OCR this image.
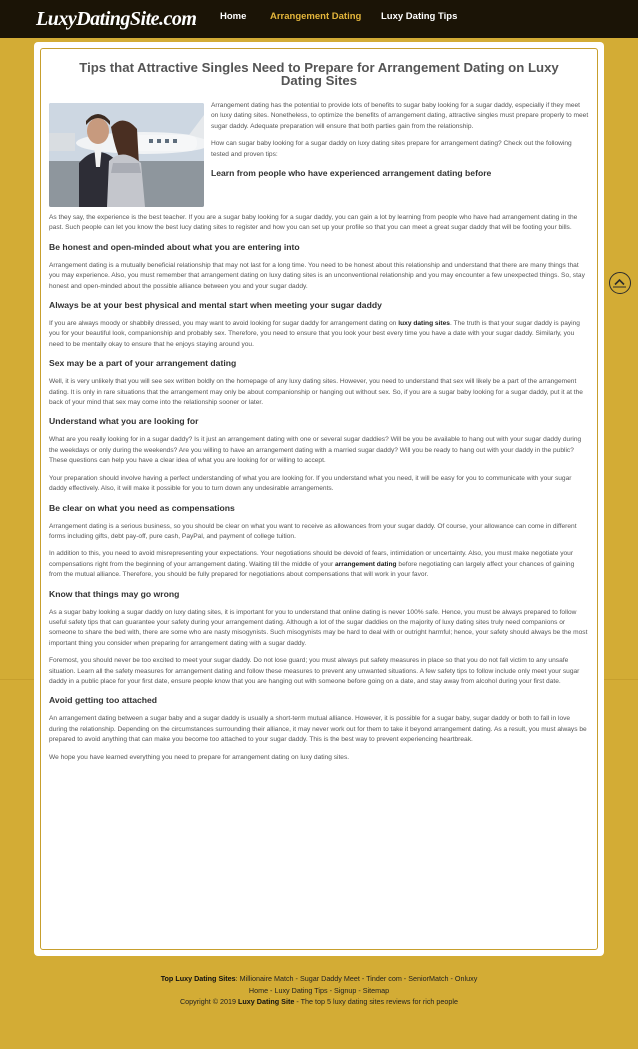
LuxyDatingSite.com Home Arrangement Dating Luxy Dating Tips
Tips that Attractive Singles Need to Prepare for Arrangement Dating on Luxy Dating Sites

Arrangement dating has the potential to provide lots of benefits to sugar baby looking for a sugar daddy, especially if they meet on luxy dating sites. Nonetheless, to optimize the benefits of arrangement dating, attractive singles must prepare properly to meet sugar daddy. Adequate preparation will ensure that both parties gain from the relationship.

How can sugar baby looking for a sugar daddy on luxy dating sites prepare for arrangement dating? Check out the following tested and proven tips:

Learn from people who have experienced arrangement dating before

As they say, the experience is the best teacher. If you are a sugar baby looking for a sugar daddy, you can gain a lot by learning from people who have had arrangement dating in the past. Such people can let you know the best lucy dating sites to register and how you can set up your profile so that you can meet a great sugar daddy that will be footing your bills.

Be honest and open-minded about what you are entering into

Arrangement dating is a mutually beneficial relationship that may not last for a long time. You need to be honest about this relationship and understand that there are many things that you may experience. Also, you must remember that arrangement dating on luxy dating sites is an unconventional relationship and you may encounter a few unexpected things. So, stay honest and open-minded about the possible alliance between you and your sugar daddy.

Always be at your best physical and mental start when meeting your sugar daddy

If you are always moody or shabbily dressed, you may want to avoid looking for sugar daddy for arrangement dating on luxy dating sites. The truth is that your sugar daddy is paying you for your beautiful look, companionship and probably sex. Therefore, you need to ensure that you look your best every time you have a date with your sugar daddy. Similarly, you need to be mentally okay to ensure that he enjoys staying around you.

Sex may be a part of your arrangement dating

Well, it is very unlikely that you will see sex written boldly on the homepage of any luxy dating sites. However, you need to understand that sex will likely be a part of the arrangement dating. It is only in rare situations that the arrangement may only be about companionship or hanging out without sex. So, if you are a sugar baby looking for a sugar daddy, put it at the back of your mind that sex may come into the relationship sooner or later.

Understand what you are looking for

What are you really looking for in a sugar daddy? Is it just an arrangement dating with one or several sugar daddies? Will be you be available to hang out with your sugar daddy during the weekdays or only during the weekends? Are you willing to have an arrangement dating with a married sugar daddy? Will you be ready to hang out with your daddy in the public? These questions can help you have a clear idea of what you are looking for or willing to accept.

Your preparation should involve having a perfect understanding of what you are looking for. If you understand what you need, it will be easy for you to communicate with your sugar daddy effectively. Also, it will make it possible for you to turn down any undesirable arrangements.

Be clear on what you need as compensations

Arrangement dating is a serious business, so you should be clear on what you want to receive as allowances from your sugar daddy. Of course, your allowance can come in different forms including gifts, debt pay-off, pure cash, PayPal, and payment of college tuition.

In addition to this, you need to avoid misrepresenting your expectations. Your negotiations should be devoid of fears, intimidation or uncertainty. Also, you must make negotiate your compensations right from the beginning of your arrangement dating. Waiting till the middle of your arrangement dating before negotiating can largely affect your chances of gaining from the mutual alliance. Therefore, you should be fully prepared for negotiations about compensations that will work in your favor.

Know that things may go wrong

As a sugar baby looking a sugar daddy on luxy dating sites, it is important for you to understand that online dating is never 100% safe. Hence, you must be always prepared to follow useful safety tips that can guarantee your safety during your arrangement dating. Although a lot of the sugar daddies on the majority of luxy dating sites truly need companions or someone to share the bed with, there are some who are nasty misogynists. Such misogynists may be hard to deal with or outright harmful; hence, your safety should always be the most important thing you consider when preparing for arrangement dating with a sugar daddy.

Foremost, you should never be too excited to meet your sugar daddy. Do not lose guard; you must always put safety measures in place so that you do not fall victim to any unsafe situation. Learn all the safety measures for arrangement dating and follow these measures to prevent any unwanted situations. A few safety tips to follow include only meet your sugar daddy in a public place for your first date, ensure people know that you are hanging out with someone before going on a date, and stay away from alcohol during your first date.

Avoid getting too attached

An arrangement dating between a sugar baby and a sugar daddy is usually a short-term mutual alliance. However, it is possible for a sugar baby, sugar daddy or both to fall in love during the relationship. Depending on the circumstances surrounding their alliance, it may never work out for them to take it beyond arrangement dating. As a result, you must always be prepared to avoid anything that can make you become too attached to your sugar daddy. This is the best way to prevent experiencing heartbreak.

We hope you have learned everything you need to prepare for arrangement dating on luxy dating sites.

Top Luxy Dating Sites: Millionaire Match - Sugar Daddy Meet - Tinder com - SeniorMatch - Onluxy
Home - Luxy Dating Tips - Signup - Sitemap
Copyright © 2019 Luxy Dating Site - The top 5 luxy dating sites reviews for rich people
